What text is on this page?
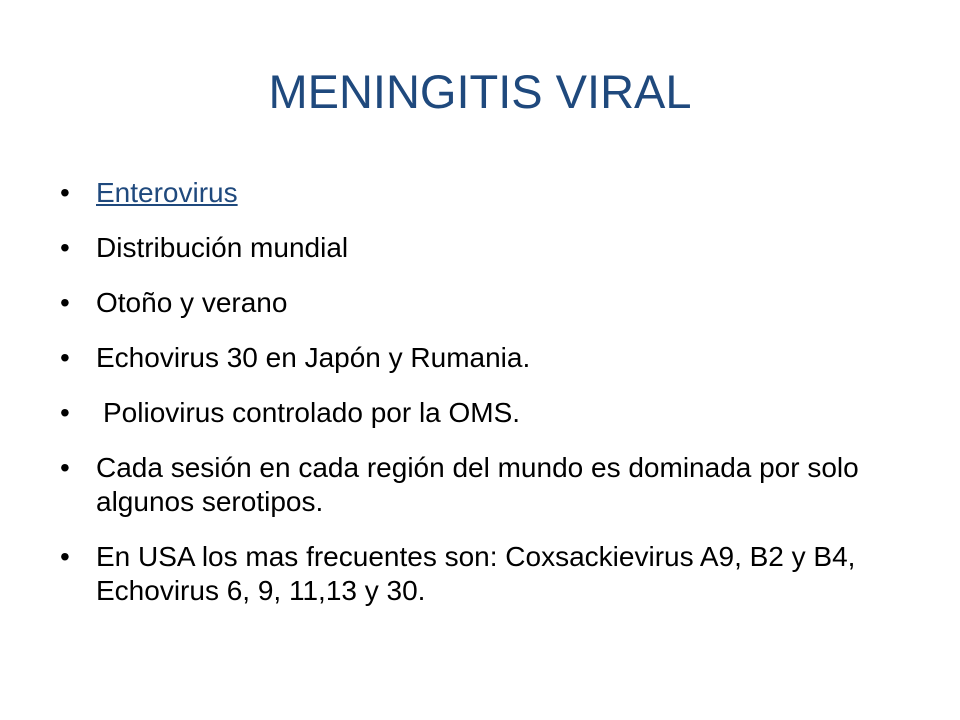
MENINGITIS VIRAL
• Enterovirus
• Distribución mundial
• Otoño y verano
• Echovirus 30 en Japón y Rumania.
• Poliovirus controlado por la OMS.
• Cada sesión en cada región del mundo es dominada por solo algunos serotipos.
• En USA los mas frecuentes son: Coxsackievirus A9, B2 y B4, Echovirus 6, 9, 11,13 y 30.
